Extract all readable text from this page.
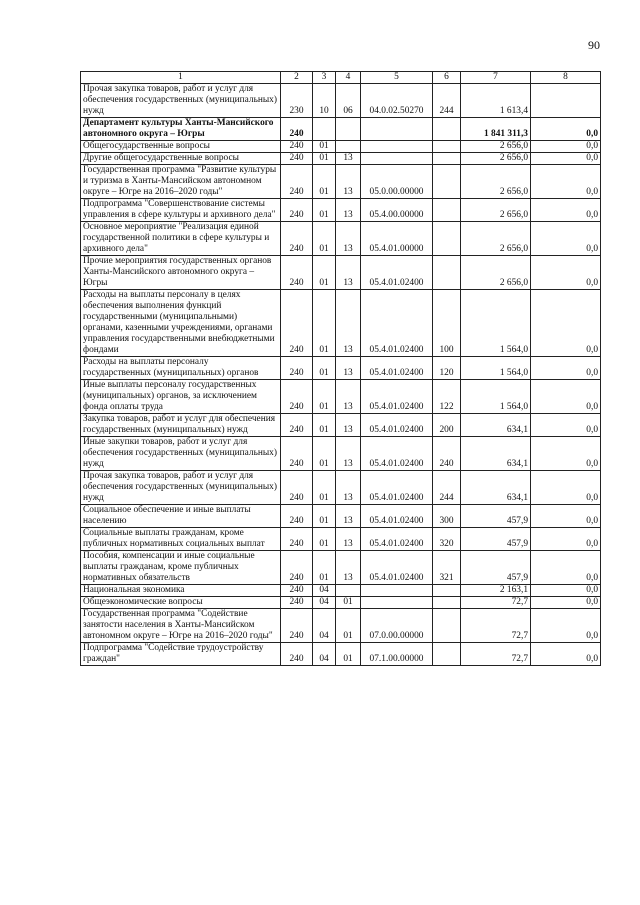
90
1	2	3	4	5	6	7	8
Прочая закупка товаров, работ и услуг для обеспечения государственных (муниципальных) нужд	230	10	06	04.0.02.50270	244	1 613,4	
Департамент культуры Ханты-Мансийского автономного округа – Югры	240					1 841 311,3	0,0
Общегосударственные вопросы	240	01				2 656,0	0,0
Другие общегосударственные вопросы	240	01	13			2 656,0	0,0
Государственная программа "Развитие культуры и туризма в Ханты-Мансийском автономном округе – Югре на 2016–2020 годы"	240	01	13	05.0.00.00000		2 656,0	0,0
Подпрограмма "Совершенствование системы управления в сфере культуры и архивного дела"	240	01	13	05.4.00.00000		2 656,0	0,0
Основное мероприятие "Реализация единой государственной политики в сфере культуры и архивного дела"	240	01	13	05.4.01.00000		2 656,0	0,0
Прочие мероприятия государственных органов Ханты-Мансийского автономного округа – Югры	240	01	13	05.4.01.02400		2 656,0	0,0
Расходы на выплаты персоналу в целях обеспечения выполнения функций государственными (муниципальными) органами, казенными учреждениями, органами управления государственными внебюджетными фондами	240	01	13	05.4.01.02400	100	1 564,0	0,0
Расходы на выплаты персоналу государственных (муниципальных) органов	240	01	13	05.4.01.02400	120	1 564,0	0,0
Иные выплаты персоналу государственных (муниципальных) органов, за исключением фонда оплаты труда	240	01	13	05.4.01.02400	122	1 564,0	0,0
Закупка товаров, работ и услуг для обеспечения государственных (муниципальных) нужд	240	01	13	05.4.01.02400	200	634,1	0,0
Иные закупки товаров, работ и услуг для обеспечения государственных (муниципальных) нужд	240	01	13	05.4.01.02400	240	634,1	0,0
Прочая закупка товаров, работ и услуг для обеспечения государственных (муниципальных) нужд	240	01	13	05.4.01.02400	244	634,1	0,0
Социальное обеспечение и иные выплаты населению	240	01	13	05.4.01.02400	300	457,9	0,0
Социальные выплаты гражданам, кроме публичных нормативных социальных выплат	240	01	13	05.4.01.02400	320	457,9	0,0
Пособия, компенсации и иные социальные выплаты гражданам, кроме публичных нормативных обязательств	240	01	13	05.4.01.02400	321	457,9	0,0
Национальная экономика	240	04				2 163,1	0,0
Общеэкономические вопросы	240	04	01			72,7	0,0
Государственная программа "Содействие занятости населения в Ханты-Мансийском автономном округе – Югре на 2016–2020 годы"	240	04	01	07.0.00.00000		72,7	0,0
Подпрограмма "Содействие трудоустройству граждан"	240	04	01	07.1.00.00000		72,7	0,0
